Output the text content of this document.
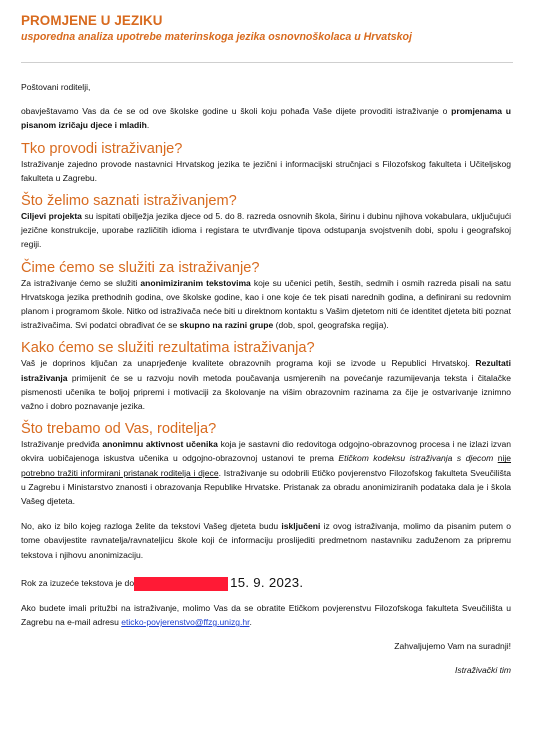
PROMJENE U JEZIKU
usporedna analiza upotrebe materinskoga jezika osnovnoškolaca u Hrvatskoj

Poštovani roditelji,

obavještavamo Vas da će se od ove školske godine u školi koju pohađa Vaše dijete provoditi istraživanje o promjenama u pisanom izričaju djece i mladih.

Tko provodi istraživanje?

Istraživanje zajedno provode nastavnici Hrvatskog jezika te jezični i informacijski stručnjaci s Filozofskog fakulteta i Učiteljskog fakulteta u Zagrebu.

Što želimo saznati istraživanjem?

Ciljevi projekta su ispitati obilježja jezika djece od 5. do 8. razreda osnovnih škola, širinu i dubinu njihova vokabulara, uključujući jezične konstrukcije, uporabe različitih idioma i registara te utvrđivanje tipova odstupanja svojstvenih dobi, spolu i geografskoj regiji.

Čime ćemo se služiti za istraživanje?

Za istraživanje ćemo se služiti anonimiziranim tekstovima koje su učenici petih, šestih, sedmih i osmih razreda pisali na satu Hrvatskoga jezika prethodnih godina, ove školske godine, kao i one koje će tek pisati narednih godina, a definirani su redovnim planom i programom škole. Nitko od istraživača neće biti u direktnom kontaktu s Vašim djetetom niti će identitet djeteta biti poznat istraživačima. Svi podatci obrađivat će se skupno na razini grupe (dob, spol, geografska regija).

Kako ćemo se služiti rezultatima istraživanja?

Vaš je doprinos ključan za unaprjeđenje kvalitete obrazovnih programa koji se izvode u Republici Hrvatskoj. Rezultati istraživanja primijenit će se u razvoju novih metoda poučavanja usmjerenih na povećanje razumijevanja teksta i čitalačke pismenosti učenika te boljoj pripremi i motivaciji za školovanje na višim obrazovnim razinama za čije je ostvarivanje iznimno važno i dobro poznavanje jezika.

Što trebamo od Vas, roditelja?

Istraživanje predviđa anonimnu aktivnost učenika koja je sastavni dio redovitoga odgojno-obrazovnog procesa i ne izlazi izvan okvira uobičajenoga iskustva učenika u odgojno-obrazovnoj ustanovi te prema Etičkom kodeksu istraživanja s djecom nije potrebno tražiti informirani pristanak roditelja i djece. Istraživanje su odobrili Etičko povjerenstvo Filozofskog fakulteta Sveučilišta u Zagrebu i Ministarstvo znanosti i obrazovanja Republike Hrvatske. Pristanak za obradu anonimiziranih podataka dala je i škola Vašeg djeteta.

No, ako iz bilo kojeg razloga želite da tekstovi Vašeg djeteta budu isključeni iz ovog istraživanja, molimo da pisanim putem o tome obavijestite ravnatelja/ravnateljicu škole koji će informaciju proslijediti predmetnom nastavniku zaduženom za pripremu tekstova i njihovu anonimizaciju.

Rok za izuzeće tekstova je do	15. 9. 2023.

Ako budete imali pritužbi na istraživanje, molimo Vas da se obratite Etičkom povjerenstvu Filozofskoga fakulteta Sveučilišta u Zagrebu na e-mail adresu eticko-povjerenstvo@ffzg.unizg.hr.

Zahvaljujemo Vam na suradnji!

Istraživački tim
